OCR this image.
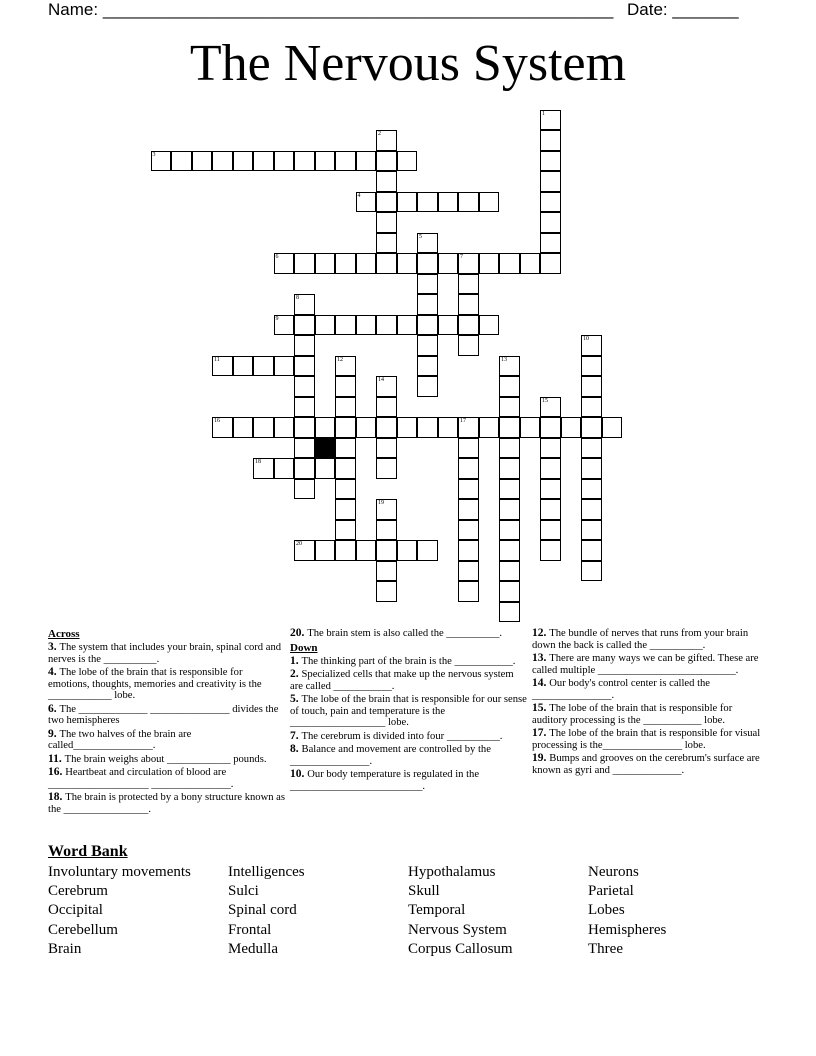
Name: ______________________________________________________ Date: _______
The Nervous System
1
2
3
4
5
6	7
8
9
10
11	12	13
14
15
16	17
18
19
20
Across
3. The system that includes your brain, spinal cord and nerves is the __________.
4. The lobe of the brain that is responsible for emotions, thoughts, memories and creativity is the ____________ lobe.
6. The _____________ _______________ divides the two hemispheres
9. The two halves of the brain are called_______________.
11. The brain weighs about ____________ pounds.
16. Heartbeat and circulation of blood are ___________________ _______________.
18. The brain is protected by a bony structure known as the ________________.
20. The brain stem is also called the __________.
Down
1. The thinking part of the brain is the ___________.
2. Specialized cells that make up the nervous system are called ___________.
5. The lobe of the brain that is responsible for our sense of touch, pain and temperature is the __________________ lobe.
7. The cerebrum is divided into four __________.
8. Balance and movement are controlled by the _______________.
10. Our body temperature is regulated in the _________________________.
12. The bundle of nerves that runs from your brain down the back is called the __________.
13. There are many ways we can be gifted. These are called multiple __________________________.
14. Our body's control center is called the _______________.
15. The lobe of the brain that is responsible for auditory processing is the ___________ lobe.
17. The lobe of the brain that is responsible for visual processing is the_______________ lobe.
19. Bumps and grooves on the cerebrum's surface are known as gyri and _____________.
Word Bank
Involuntary movements
Cerebrum
Occipital
Cerebellum
Brain
Intelligences
Sulci
Spinal cord
Frontal
Medulla
Hypothalamus
Skull
Temporal
Nervous System
Corpus Callosum
Neurons
Parietal
Lobes
Hemispheres
Three
